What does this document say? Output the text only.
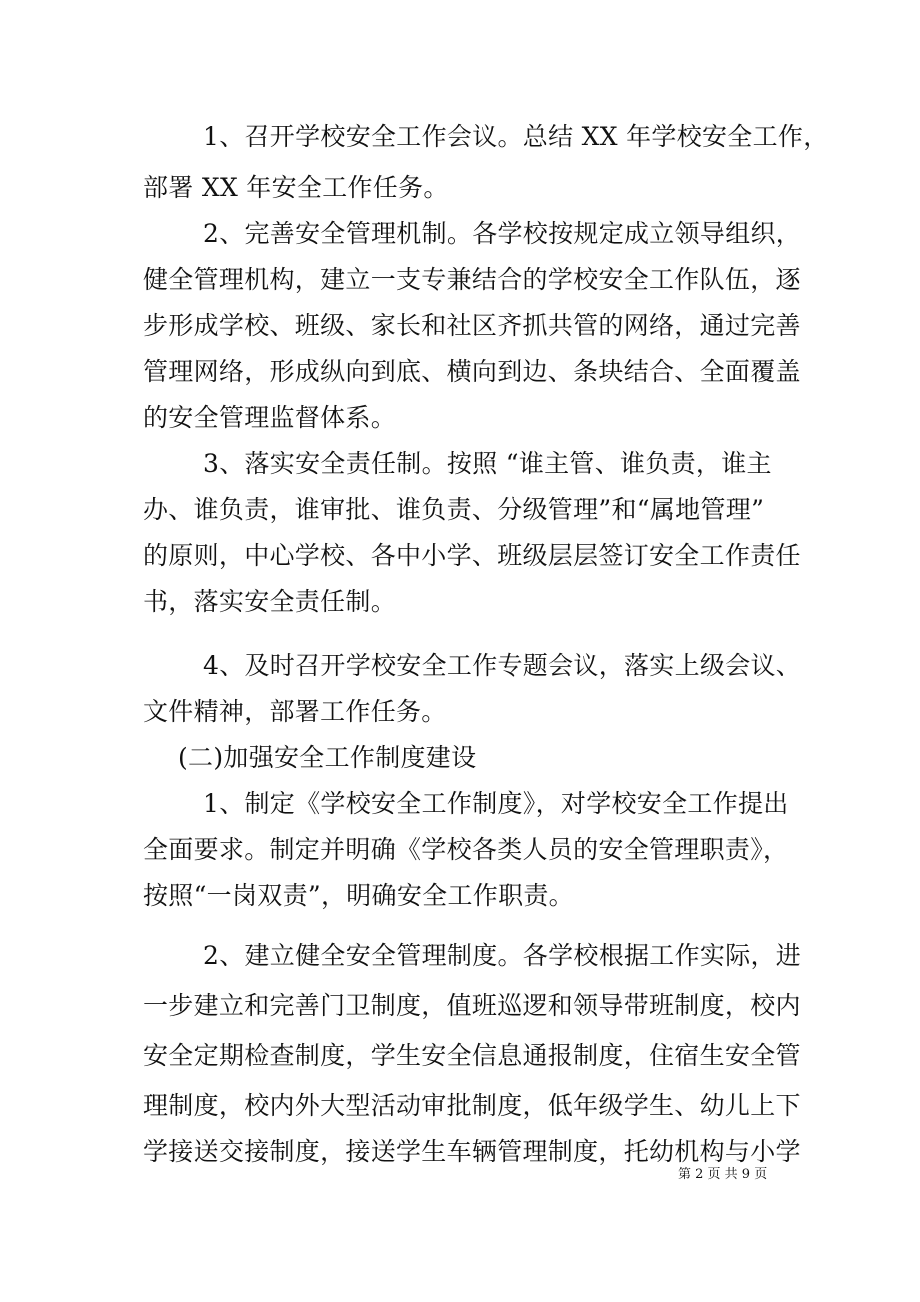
1、召开学校安全工作会议。总结 XX 年学校安全工作，
部署 XX 年安全工作任务。
2、完善安全管理机制。各学校按规定成立领导组织，
健全管理机构，建立一支专兼结合的学校安全工作队伍，逐
步形成学校、班级、家长和社区齐抓共管的网络，通过完善
管理网络，形成纵向到底、横向到边、条块结合、全面覆盖
的安全管理监督体系。
3、落实安全责任制。按照 “谁主管、谁负责，谁主
办、谁负责，谁审批、谁负责、分级管理”和“属地管理”
的原则，中心学校、各中小学、班级层层签订安全工作责任
书，落实安全责任制。
4、及时召开学校安全工作专题会议，落实上级会议、
文件精神，部署工作任务。
(二)加强安全工作制度建设
1、制定《学校安全工作制度》，对学校安全工作提出
全面要求。制定并明确《学校各类人员的安全管理职责》，
按照“一岗双责”，明确安全工作职责。
2、建立健全安全管理制度。各学校根据工作实际，进
一步建立和完善门卫制度，值班巡逻和领导带班制度，校内
安全定期检查制度，学生安全信息通报制度，住宿生安全管
理制度，校内外大型活动审批制度，低年级学生、幼儿上下
学接送交接制度，接送学生车辆管理制度，托幼机构与小学
第 2 页 共 9 页
